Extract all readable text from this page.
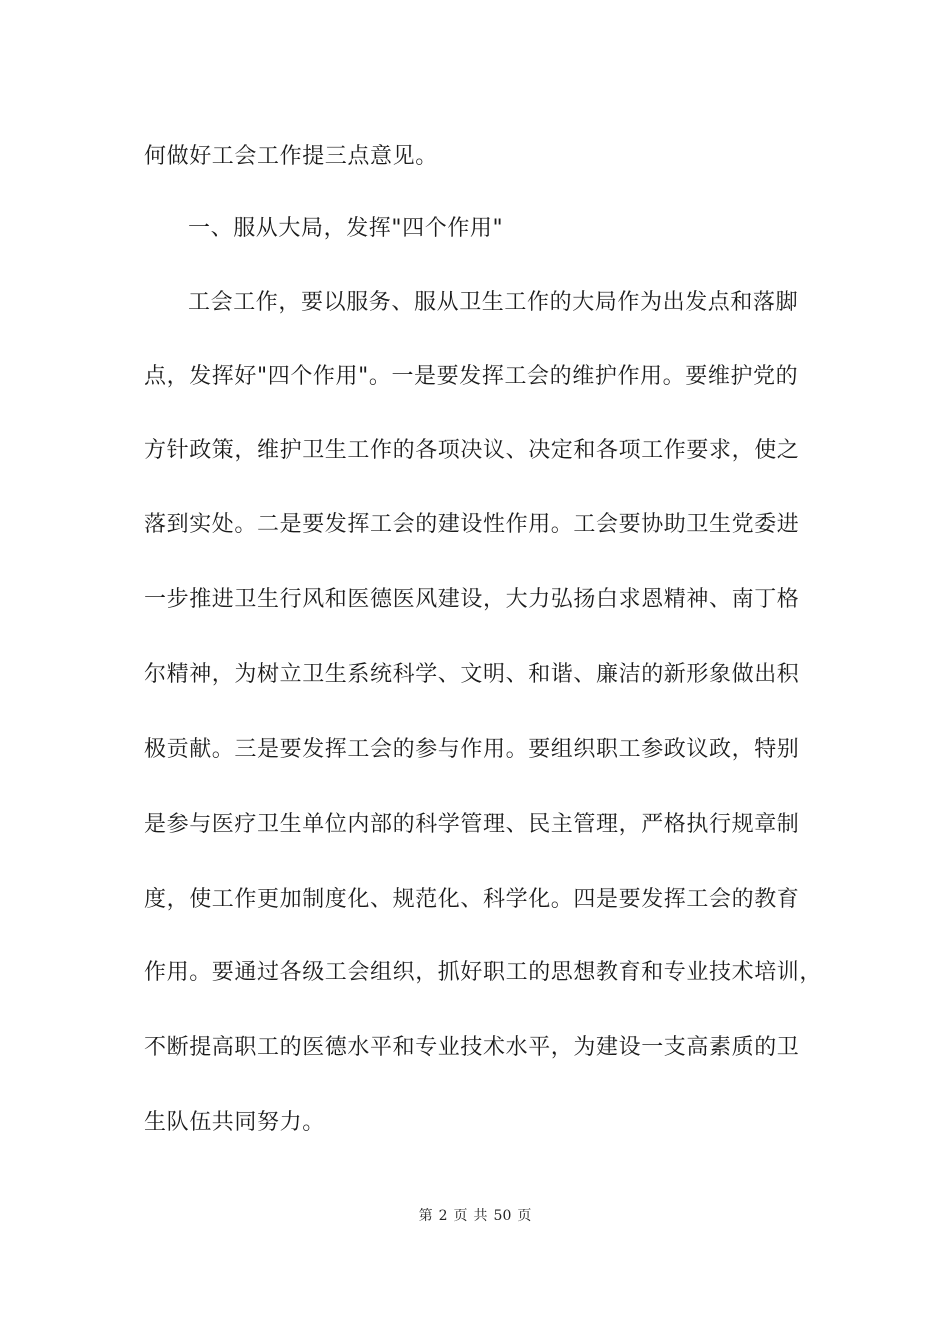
何做好工会工作提三点意见。
一、服从大局，发挥"四个作用"
工会工作，要以服务、服从卫生工作的大局作为出发点和落脚
点，发挥好"四个作用"。一是要发挥工会的维护作用。要维护党的
方针政策，维护卫生工作的各项决议、决定和各项工作要求，使之
落到实处。二是要发挥工会的建设性作用。工会要协助卫生党委进
一步推进卫生行风和医德医风建设，大力弘扬白求恩精神、南丁格
尔精神，为树立卫生系统科学、文明、和谐、廉洁的新形象做出积
极贡献。三是要发挥工会的参与作用。要组织职工参政议政，特别
是参与医疗卫生单位内部的科学管理、民主管理，严格执行规章制
度，使工作更加制度化、规范化、科学化。四是要发挥工会的教育
作用。要通过各级工会组织，抓好职工的思想教育和专业技术培训，
不断提高职工的医德水平和专业技术水平，为建设一支高素质的卫
生队伍共同努力。
第 2 页 共 50 页
